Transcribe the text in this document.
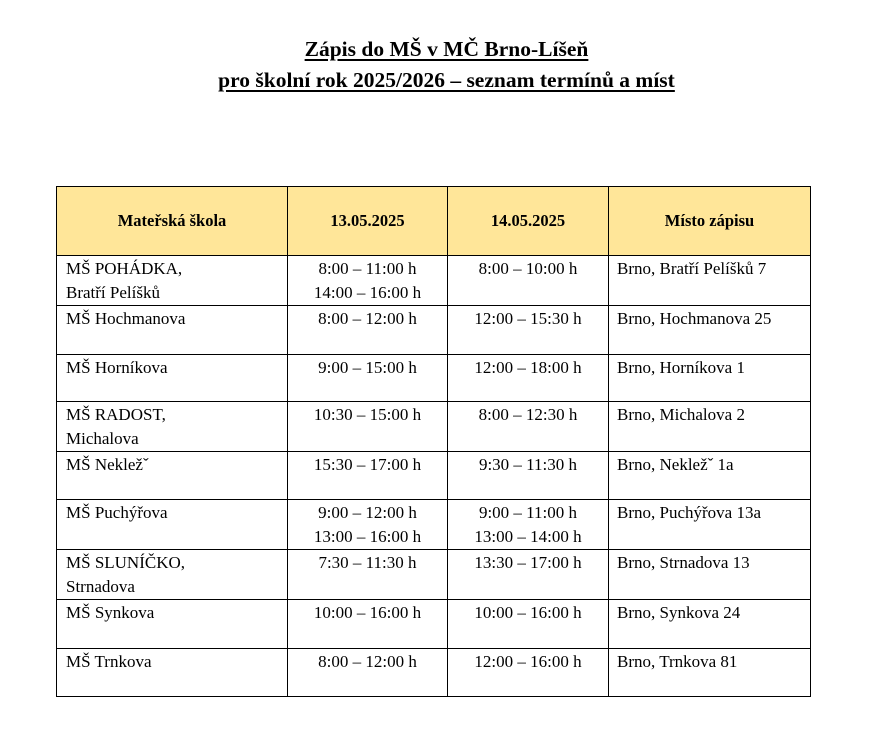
Zápis do MŠ v MČ Brno-Líšeň
pro školní rok 2025/2026 – seznam termínů a míst
Mateřská škola	13.05.2025	14.05.2025	Místo zápisu

MŠ POHÁDKA,
Bratří Pelíšků	8:00 – 11:00 h
14:00 – 16:00 h	8:00 – 10:00 h	Brno, Bratří Pelíšků 7

MŠ Hochmanova	8:00 – 12:00 h	12:00 – 15:30 h	Brno, Hochmanova 25

MŠ Horníkova	9:00 – 15:00 h	12:00 – 18:00 h	Brno, Horníkova 1

MŠ RADOST,
Michalova	10:30 – 15:00 h	8:00 – 12:30 h	Brno, Michalova 2

MŠ Nekležˇ	15:30 – 17:00 h	9:30 – 11:30 h	Brno, Nekležˇ 1a

MŠ Puchýřova	9:00 – 12:00 h
13:00 – 16:00 h	9:00 – 11:00 h
13:00 – 14:00 h	Brno, Puchýřova 13a

MŠ SLUNÍČKO,
Strnadova	7:30 – 11:30 h	13:30 – 17:00 h	Brno, Strnadova 13

MŠ Synkova	10:00 – 16:00 h	10:00 – 16:00 h	Brno, Synkova 24

MŠ Trnkova	8:00 – 12:00 h	12:00 – 16:00 h	Brno, Trnkova 81
